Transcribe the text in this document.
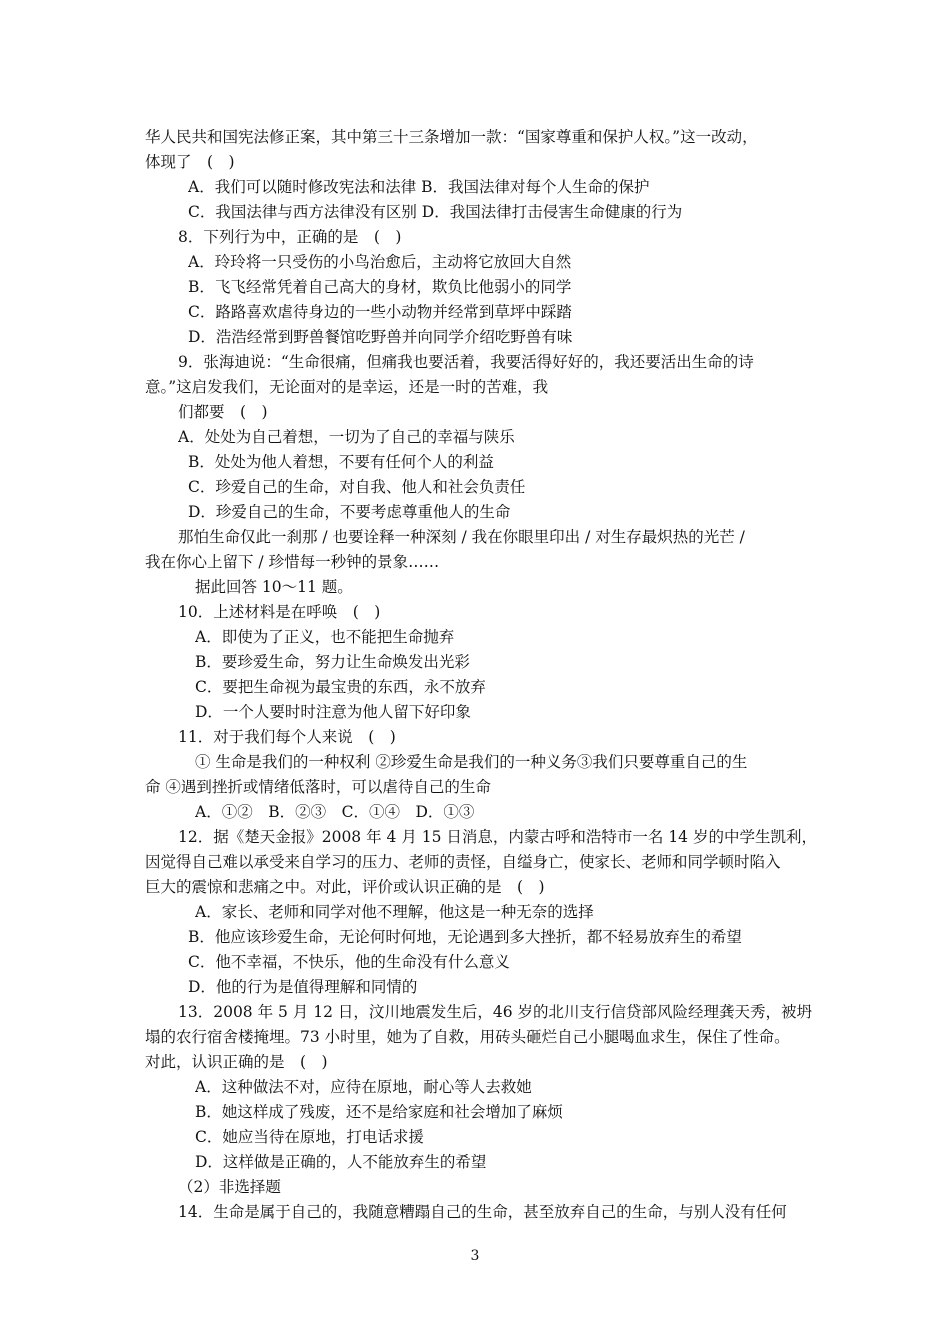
华人民共和国宪法修正案，其中第三十三条增加一款：“国家尊重和保护人权。”这一改动，
体现了　(　)
A．我们可以随时修改宪法和法律 B．我国法律对每个人生命的保护
C．我国法律与西方法律没有区别 D．我国法律打击侵害生命健康的行为
8．下列行为中，正确的是　(　)
A．玲玲将一只受伤的小鸟治愈后，主动将它放回大自然
B．飞飞经常凭着自己高大的身材，欺负比他弱小的同学
C．路路喜欢虐待身边的一些小动物并经常到草坪中踩踏
D．浩浩经常到野兽餐馆吃野兽并向同学介绍吃野兽有味
9．张海迪说：“生命很痛，但痛我也要活着，我要活得好好的，我还要活出生命的诗
意。”这启发我们，无论面对的是幸运，还是一时的苦难，我
们都要　(　)
A．处处为自己着想，一切为了自己的幸福与陕乐
B．处处为他人着想，不要有任何个人的利益
C．珍爱自己的生命，对自我、他人和社会负责任
D．珍爱自己的生命，不要考虑尊重他人的生命
那怕生命仅此一刹那 / 也要诠释一种深刻 / 我在你眼里印出 / 对生存最炽热的光芒 /
我在你心上留下 / 珍惜每一秒钟的景象……
据此回答 10～11 题。
10．上述材料是在呼唤　(　)
A．即使为了正义，也不能把生命抛弃
B．要珍爱生命，努力让生命焕发出光彩
C．要把生命视为最宝贵的东西，永不放弃
D．一个人要时时注意为他人留下好印象
11．对于我们每个人来说　(　)
① 生命是我们的一种权利 ②珍爱生命是我们的一种义务③我们只要尊重自己的生
命 ④遇到挫折或情绪低落时，可以虐待自己的生命
A．①②　B．②③　C．①④　D．①③
12．据《楚天金报》2008 年 4 月 15 日消息，内蒙古呼和浩特市一名 14 岁的中学生凯利，
因觉得自己难以承受来自学习的压力、老师的责怪，自缢身亡，使家长、老师和同学顿时陷入
巨大的震惊和悲痛之中。对此，评价或认识正确的是　(　)
A．家长、老师和同学对他不理解，他这是一种无奈的选择
B．他应该珍爱生命，无论何时何地，无论遇到多大挫折，都不轻易放弃生的希望
C．他不幸福，不快乐，他的生命没有什么意义
D．他的行为是值得理解和同情的
13．2008 年 5 月 12 日，汶川地震发生后，46 岁的北川支行信贷部风险经理龚天秀，被坍
塌的农行宿舍楼掩埋。73 小时里，她为了自救，用砖头砸烂自己小腿喝血求生，保住了性命。
对此，认识正确的是　(　)
A．这种做法不对，应待在原地，耐心等人去救她
B．她这样成了残废，还不是给家庭和社会增加了麻烦
C．她应当待在原地，打电话求援
D．这样做是正确的，人不能放弃生的希望
（2）非选择题
14．生命是属于自己的，我随意糟蹋自己的生命，甚至放弃自己的生命，与别人没有任何
3
